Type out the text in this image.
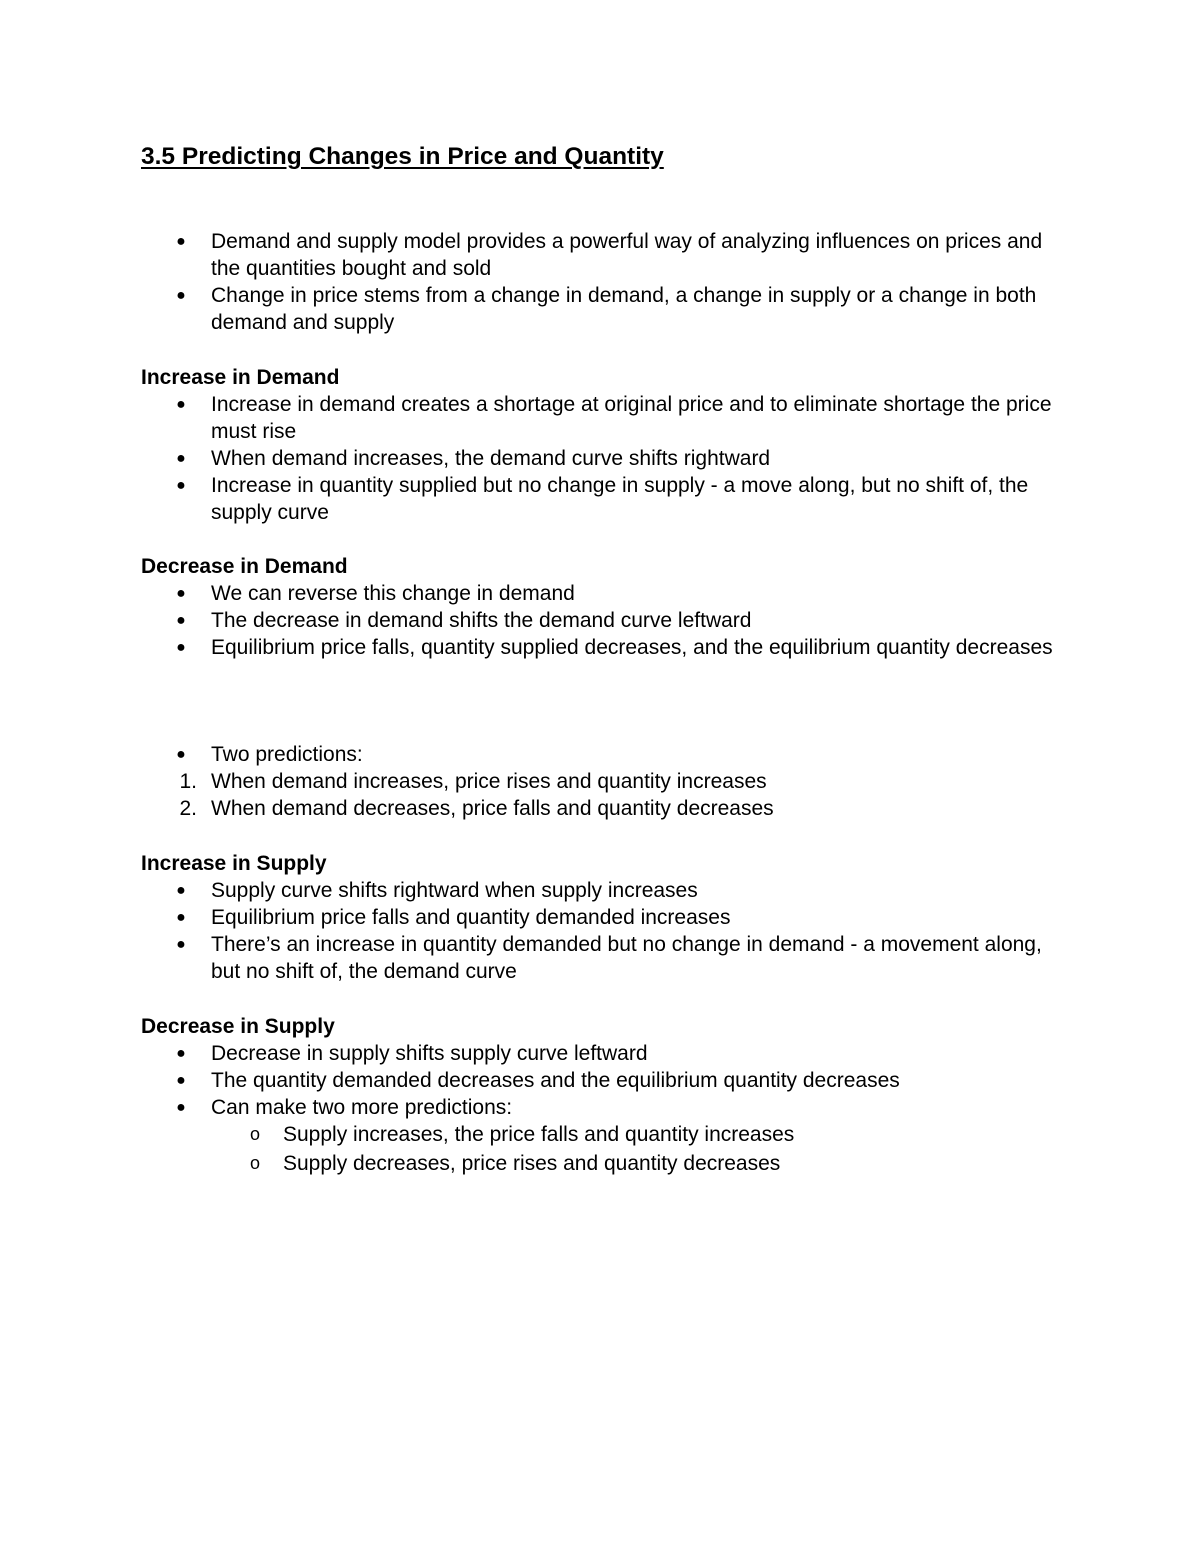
3.5 Predicting Changes in Price and Quantity
● Demand and supply model provides a powerful way of analyzing influences on prices and the quantities bought and sold
● Change in price stems from a change in demand, a change in supply or a change in both demand and supply
Increase in Demand
● Increase in demand creates a shortage at original price and to eliminate shortage the price must rise
● When demand increases, the demand curve shifts rightward
● Increase in quantity supplied but no change in supply - a move along, but no shift of, the supply curve
Decrease in Demand
● We can reverse this change in demand
● The decrease in demand shifts the demand curve leftward
● Equilibrium price falls, quantity supplied decreases, and the equilibrium quantity decreases
● Two predictions:
1. When demand increases, price rises and quantity increases
2. When demand decreases, price falls and quantity decreases
Increase in Supply
● Supply curve shifts rightward when supply increases
● Equilibrium price falls and quantity demanded increases
● There’s an increase in quantity demanded but no change in demand - a movement along, but no shift of, the demand curve
Decrease in Supply
● Decrease in supply shifts supply curve leftward
● The quantity demanded decreases and the equilibrium quantity decreases
● Can make two more predictions:
o Supply increases, the price falls and quantity increases
o Supply decreases, price rises and quantity decreases
